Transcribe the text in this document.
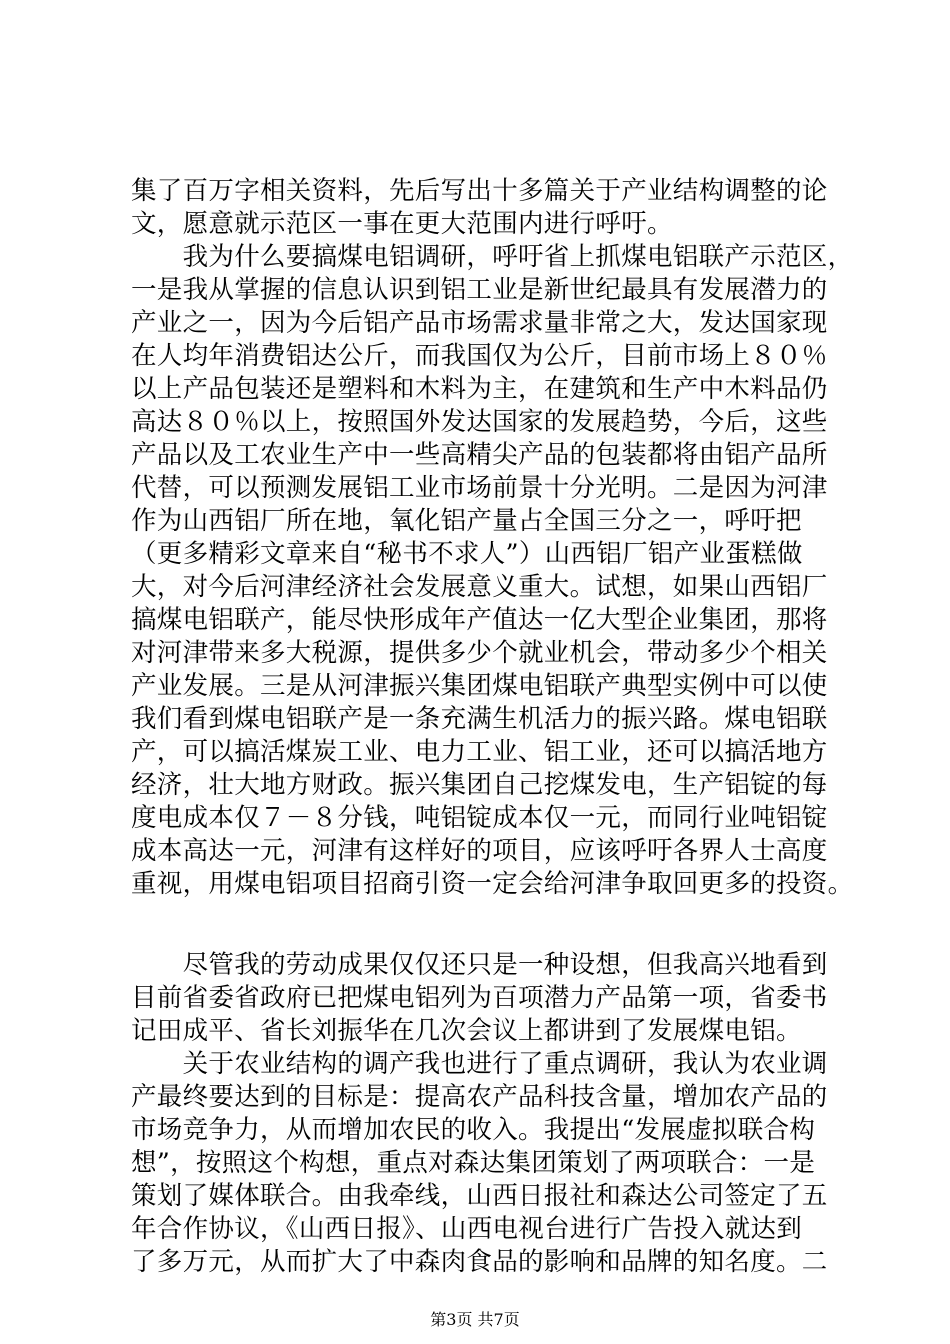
集了百万字相关资料，先后写出十多篇关于产业结构调整的论
文，愿意就示范区一事在更大范围内进行呼吁。
　　我为什么要搞煤电铝调研，呼吁省上抓煤电铝联产示范区，
一是我从掌握的信息认识到铝工业是新世纪最具有发展潜力的
产业之一，因为今后铝产品市场需求量非常之大，发达国家现
在人均年消费铝达公斤，而我国仅为公斤，目前市场上８０％
以上产品包装还是塑料和木料为主，在建筑和生产中木料品仍
高达８０％以上，按照国外发达国家的发展趋势，今后，这些
产品以及工农业生产中一些高精尖产品的包装都将由铝产品所
代替，可以预测发展铝工业市场前景十分光明。二是因为河津
作为山西铝厂所在地，氧化铝产量占全国三分之一，呼吁把
（更多精彩文章来自“秘书不求人”）山西铝厂铝产业蛋糕做
大，对今后河津经济社会发展意义重大。试想，如果山西铝厂
搞煤电铝联产，能尽快形成年产值达一亿大型企业集团，那将
对河津带来多大税源，提供多少个就业机会，带动多少个相关
产业发展。三是从河津振兴集团煤电铝联产典型实例中可以使
我们看到煤电铝联产是一条充满生机活力的振兴路。煤电铝联
产，可以搞活煤炭工业、电力工业、铝工业，还可以搞活地方
经济，壮大地方财政。振兴集团自己挖煤发电，生产铝锭的每
度电成本仅７－８分钱，吨铝锭成本仅一元，而同行业吨铝锭
成本高达一元，河津有这样好的项目，应该呼吁各界人士高度
重视，用煤电铝项目招商引资一定会给河津争取回更多的投资。
　　尽管我的劳动成果仅仅还只是一种设想，但我高兴地看到
目前省委省政府已把煤电铝列为百项潜力产品第一项，省委书
记田成平、省长刘振华在几次会议上都讲到了发展煤电铝。
　　关于农业结构的调产我也进行了重点调研，我认为农业调
产最终要达到的目标是：提高农产品科技含量，增加农产品的
市场竞争力，从而增加农民的收入。我提出“发展虚拟联合构
想”，按照这个构想，重点对森达集团策划了两项联合：一是
策划了媒体联合。由我牵线，山西日报社和森达公司签定了五
年合作协议，《山西日报》、山西电视台进行广告投入就达到
了多万元，从而扩大了中森肉食品的影响和品牌的知名度。二
第3页 共7页
